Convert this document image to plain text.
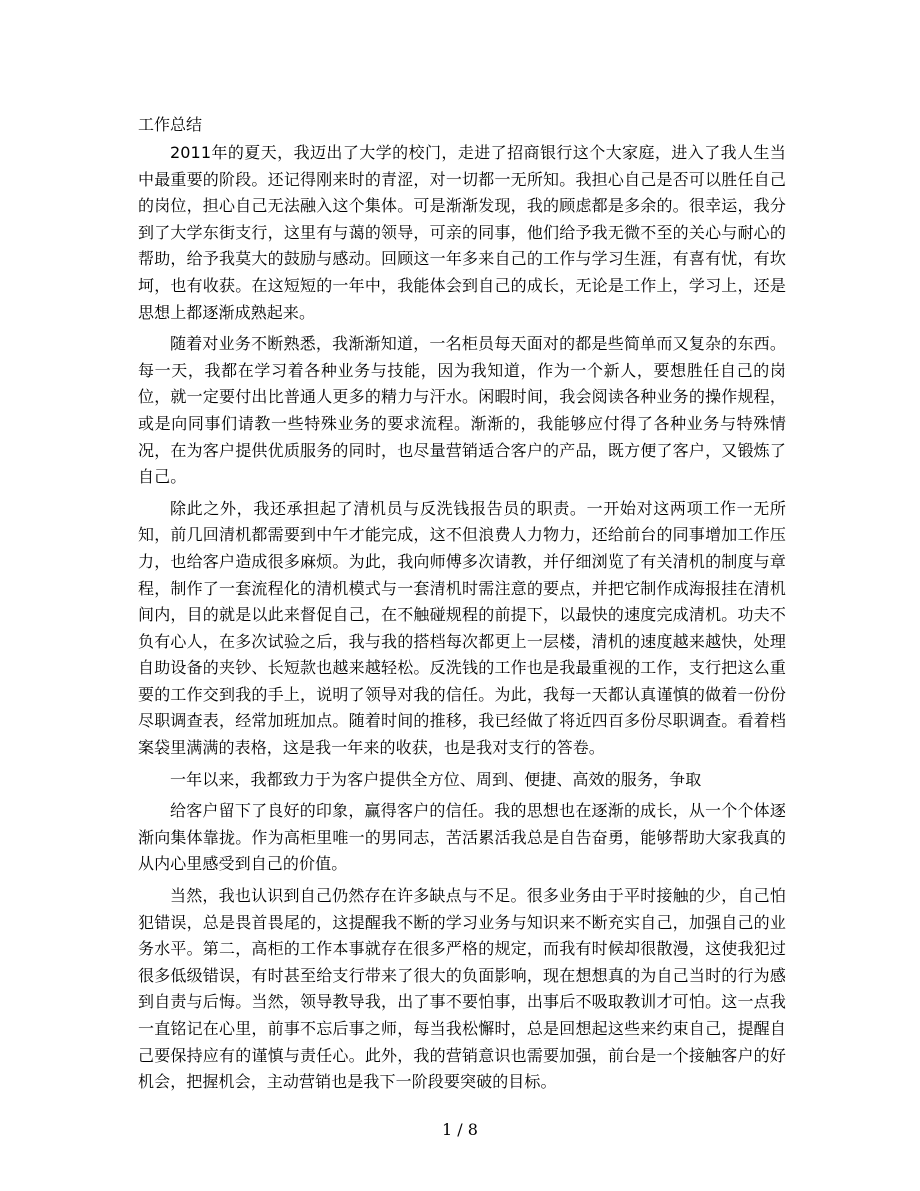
工作总结

2011年的夏天，我迈出了大学的校门，走进了招商银行这个大家庭，进入了我人生当中最重要的阶段。还记得刚来时的青涩，对一切都一无所知。我担心自己是否可以胜任自己的岗位，担心自己无法融入这个集体。可是渐渐发现，我的顾虑都是多余的。很幸运，我分到了大学东街支行，这里有与蔼的领导，可亲的同事，他们给予我无微不至的关心与耐心的帮助，给予我莫大的鼓励与感动。回顾这一年多来自己的工作与学习生涯，有喜有忧，有坎坷，也有收获。在这短短的一年中，我能体会到自己的成长，无论是工作上，学习上，还是思想上都逐渐成熟起来。

随着对业务不断熟悉，我渐渐知道，一名柜员每天面对的都是些简单而又复杂的东西。每一天，我都在学习着各种业务与技能，因为我知道，作为一个新人，要想胜任自己的岗位，就一定要付出比普通人更多的精力与汗水。闲暇时间，我会阅读各种业务的操作规程，或是向同事们请教一些特殊业务的要求流程。渐渐的，我能够应付得了各种业务与特殊情况，在为客户提供优质服务的同时，也尽量营销适合客户的产品，既方便了客户，又锻炼了自己。

除此之外，我还承担起了清机员与反洗钱报告员的职责。一开始对这两项工作一无所知，前几回清机都需要到中午才能完成，这不但浪费人力物力，还给前台的同事增加工作压力，也给客户造成很多麻烦。为此，我向师傅多次请教，并仔细浏览了有关清机的制度与章程，制作了一套流程化的清机模式与一套清机时需注意的要点，并把它制作成海报挂在清机间内，目的就是以此来督促自己，在不触碰规程的前提下，以最快的速度完成清机。功夫不负有心人，在多次试验之后，我与我的搭档每次都更上一层楼，清机的速度越来越快，处理自助设备的夹钞、长短款也越来越轻松。反洗钱的工作也是我最重视的工作，支行把这么重要的工作交到我的手上，说明了领导对我的信任。为此，我每一天都认真谨慎的做着一份份尽职调查表，经常加班加点。随着时间的推移，我已经做了将近四百多份尽职调查。看着档案袋里满满的表格，这是我一年来的收获，也是我对支行的答卷。

一年以来，我都致力于为客户提供全方位、周到、便捷、高效的服务，争取

给客户留下了良好的印象，赢得客户的信任。我的思想也在逐渐的成长，从一个个体逐渐向集体靠拢。作为高柜里唯一的男同志，苦活累活我总是自告奋勇，能够帮助大家我真的从内心里感受到自己的价值。

当然，我也认识到自己仍然存在许多缺点与不足。很多业务由于平时接触的少，自己怕犯错误，总是畏首畏尾的，这提醒我不断的学习业务与知识来不断充实自己，加强自己的业务水平。第二，高柜的工作本事就存在很多严格的规定，而我有时候却很散漫，这使我犯过很多低级错误，有时甚至给支行带来了很大的负面影响，现在想想真的为自己当时的行为感到自责与后悔。当然，领导教导我，出了事不要怕事，出事后不吸取教训才可怕。这一点我一直铭记在心里，前事不忘后事之师，每当我松懈时，总是回想起这些来约束自己，提醒自己要保持应有的谨慎与责任心。此外，我的营销意识也需要加强，前台是一个接触客户的好机会，把握机会，主动营销也是我下一阶段要突破的目标。

1 / 8
